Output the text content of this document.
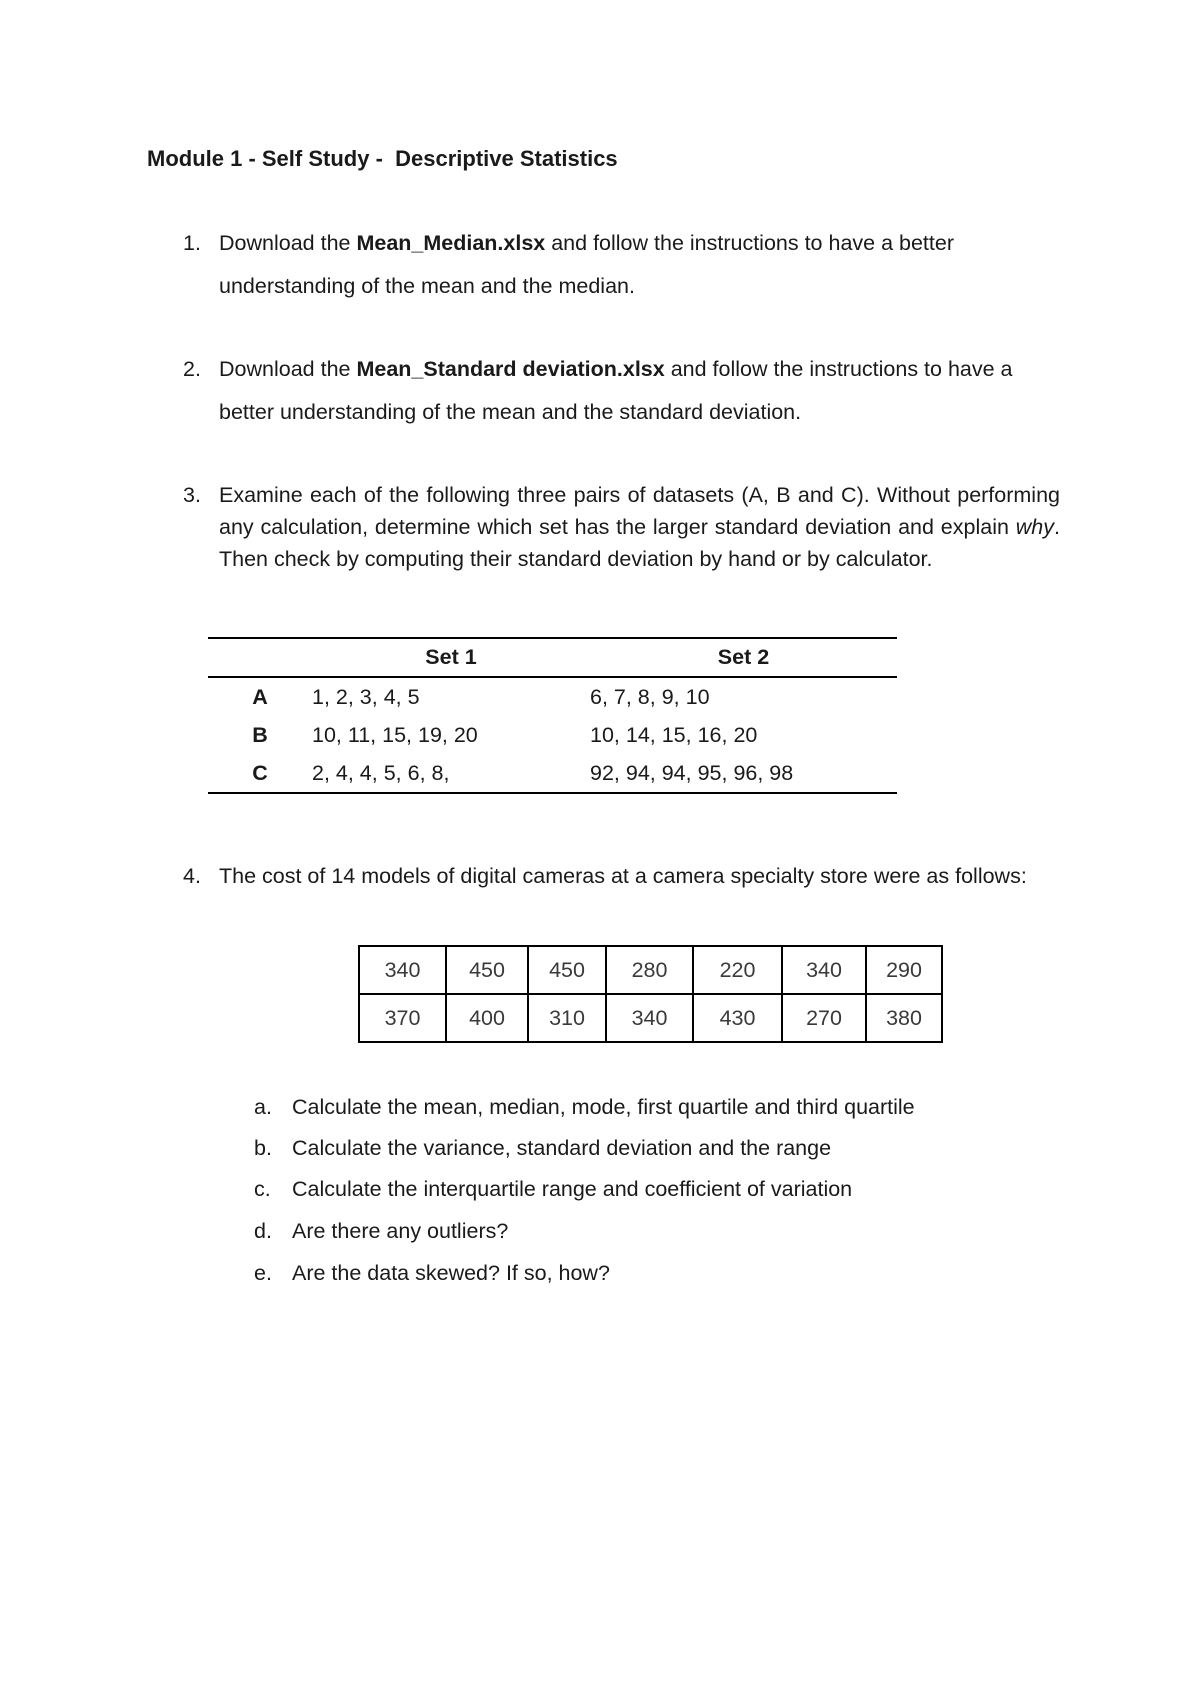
Module 1 - Self Study -  Descriptive Statistics
1. Download the Mean_Median.xlsx and follow the instructions to have a better understanding of the mean and the median.
2. Download the Mean_Standard deviation.xlsx and follow the instructions to have a better understanding of the mean and the standard deviation.
3. Examine each of the following three pairs of datasets (A, B and C). Without performing any calculation, determine which set has the larger standard deviation and explain why. Then check by computing their standard deviation by hand or by calculator.
	Set 1	Set 2
A	1, 2, 3, 4, 5	6, 7, 8, 9, 10
B	10, 11, 15, 19, 20	10, 14, 15, 16, 20
C	2, 4, 4, 5, 6, 8,	92, 94, 94, 95, 96, 98
4. The cost of 14 models of digital cameras at a camera specialty store were as follows:
340	450	450	280	220	340	290
370	400	310	340	430	270	380
a. Calculate the mean, median, mode, first quartile and third quartile
b. Calculate the variance, standard deviation and the range
c. Calculate the interquartile range and coefficient of variation
d. Are there any outliers?
e. Are the data skewed? If so, how?
